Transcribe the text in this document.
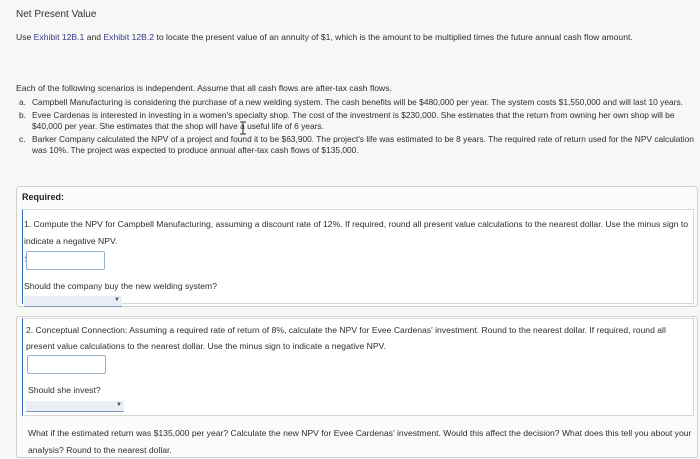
Net Present Value
Use Exhibit 12B.1 and Exhibit 12B.2 to locate the present value of an annuity of $1, which is the amount to be multiplied times the future annual cash flow amount.
Each of the following scenarios is independent. Assume that all cash flows are after-tax cash flows.
a. Campbell Manufacturing is considering the purchase of a new welding system. The cash benefits will be $480,000 per year. The system costs $1,550,000 and will last 10 years.
b. Evee Cardenas is interested in investing in a women's specialty shop. The cost of the investment is $230,000. She estimates that the return from owning her own shop will be $40,000 per year. She estimates that the shop will have a useful life of 6 years.
c. Barker Company calculated the NPV of a project and found it to be $63,900. The project's life was estimated to be 8 years. The required rate of return used for the NPV calculation was 10%. The project was expected to produce annual after-tax cash flows of $135,000.
Required:
1. Compute the NPV for Campbell Manufacturing, assuming a discount rate of 12%. If required, round all present value calculations to the nearest dollar. Use the minus sign to indicate a negative NPV.
Should the company buy the new welding system?
▼
2. Conceptual Connection: Assuming a required rate of return of 8%, calculate the NPV for Evee Cardenas' investment. Round to the nearest dollar. If required, round all present value calculations to the nearest dollar. Use the minus sign to indicate a negative NPV.
Should she invest?
▼
What if the estimated return was $135,000 per year? Calculate the new NPV for Evee Cardenas' investment. Would this affect the decision? What does this tell you about your analysis? Round to the nearest dollar.
